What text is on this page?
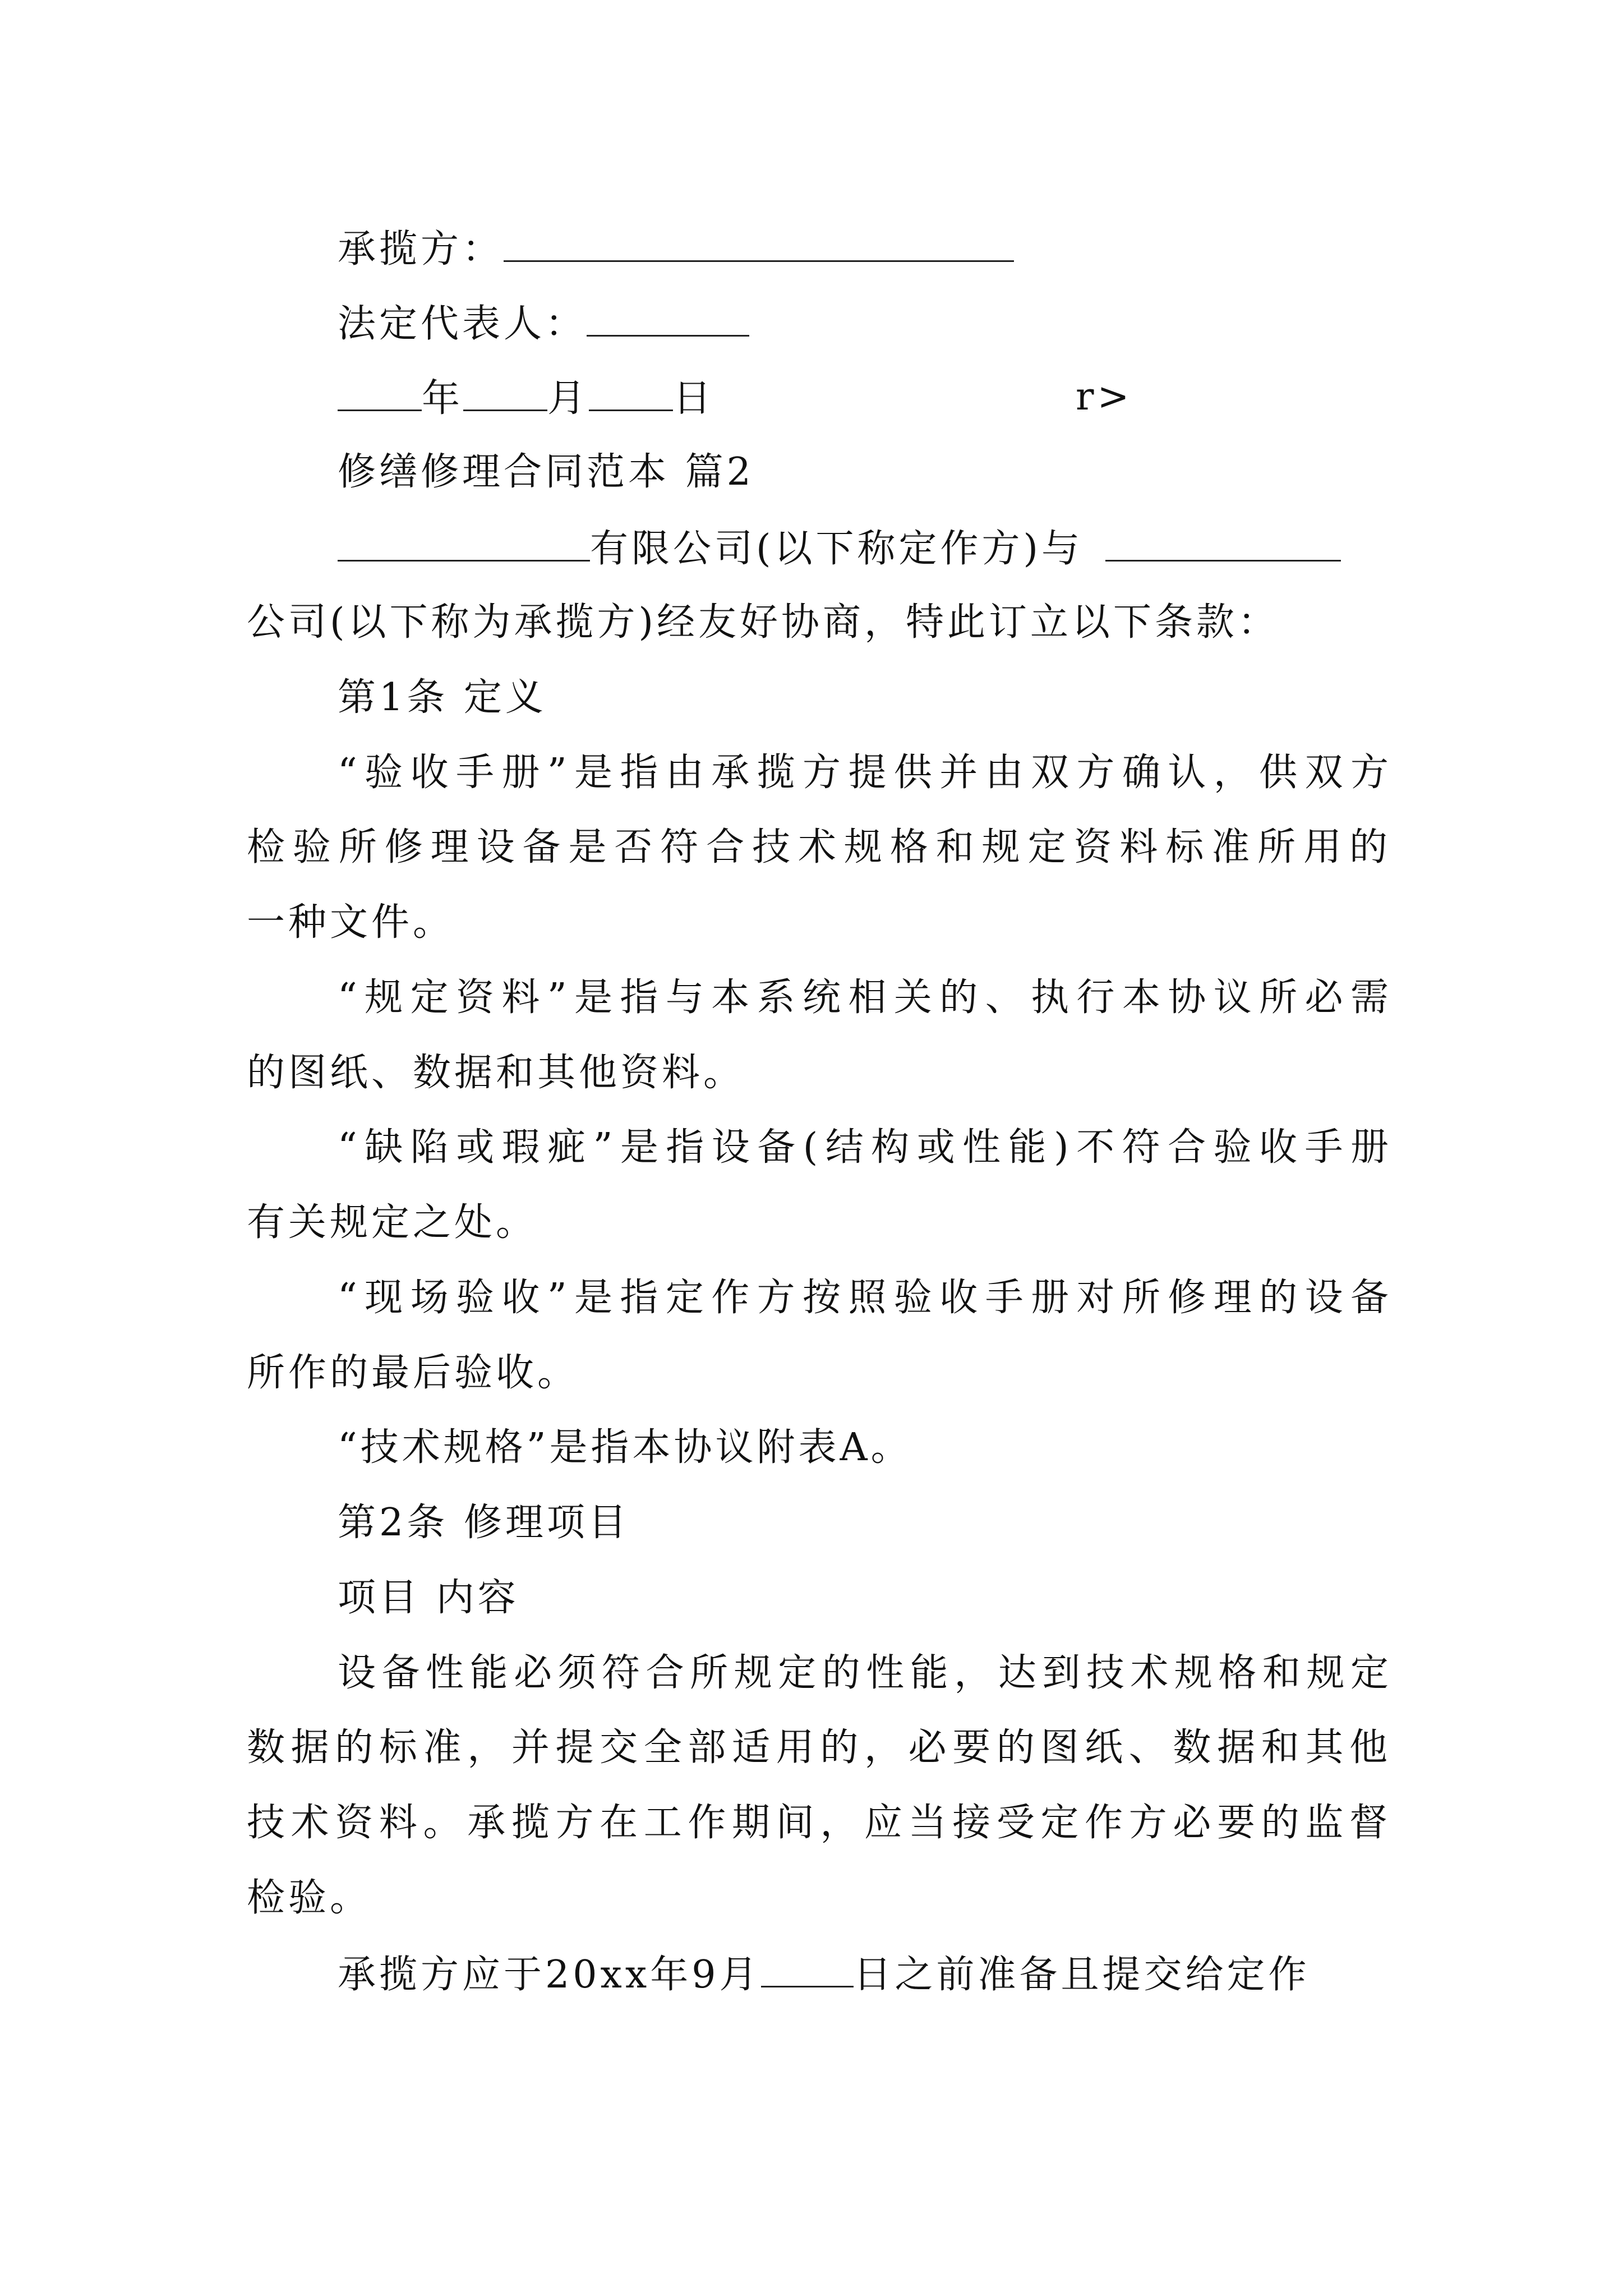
承揽方：
法定代表人：
年 月 日	r>
修缮修理合同范本 篇2
有限公司(以下称定作方)与
公司(以下称为承揽方)经友好协商，特此订立以下条款：
第1条 定义
“验收手册”是指由承揽方提供并由双方确认，供双方
检验所修理设备是否符合技术规格和规定资料标准所用的
一种文件。
“规定资料”是指与本系统相关的、执行本协议所必需
的图纸、数据和其他资料。
“缺陷或瑕疵”是指设备(结构或性能)不符合验收手册
有关规定之处。
“现场验收”是指定作方按照验收手册对所修理的设备
所作的最后验收。
“技术规格”是指本协议附表A。
第2条 修理项目
项目 内容
设备性能必须符合所规定的性能，达到技术规格和规定
数据的标准，并提交全部适用的，必要的图纸、数据和其他
技术资料。承揽方在工作期间，应当接受定作方必要的监督
检验。
承揽方应于20xx年9月 日之前准备且提交给定作
